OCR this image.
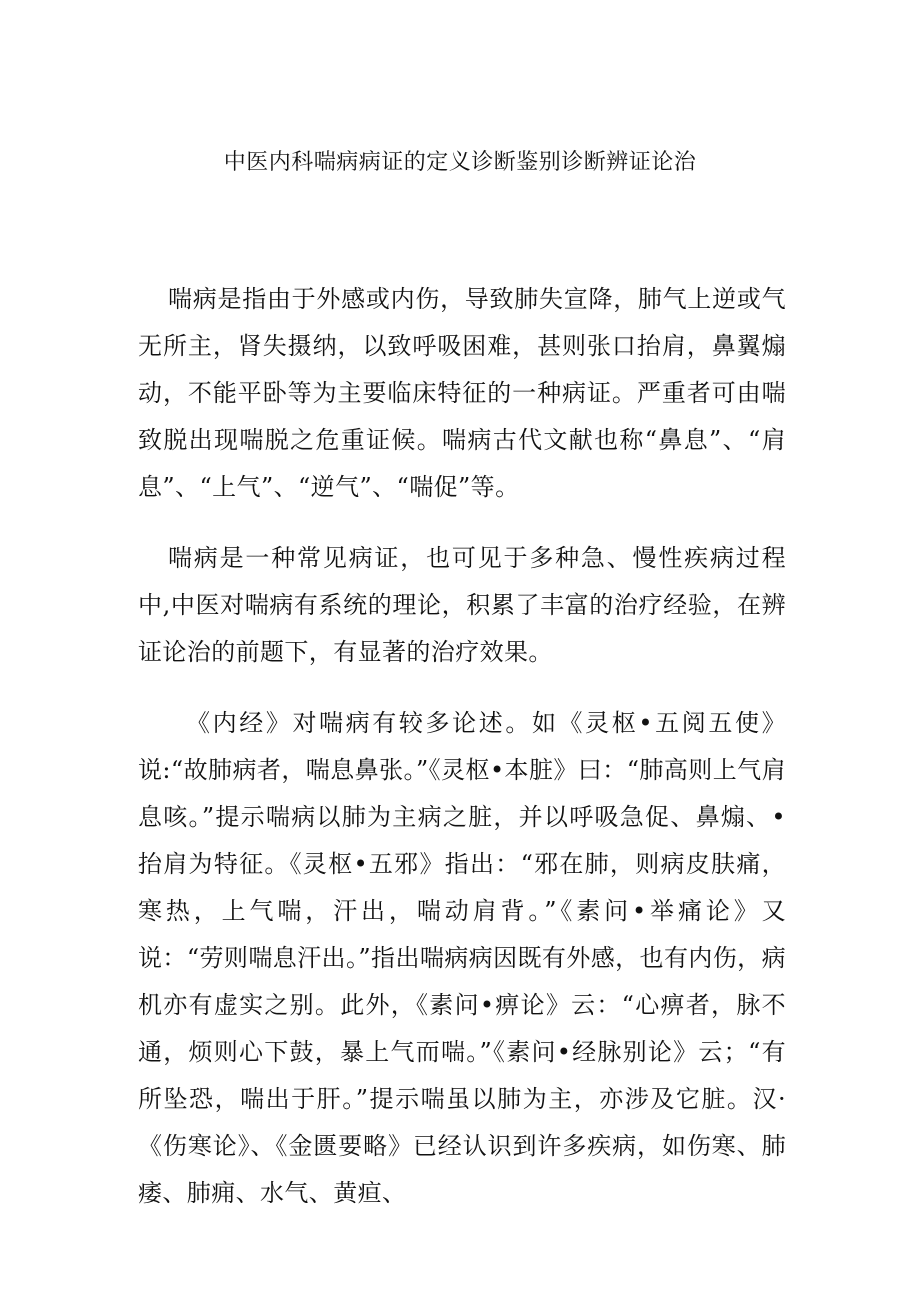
中医内科喘病病证的定义诊断鉴别诊断辨证论治

喘病是指由于外感或内伤，导致肺失宣降，肺气上逆或气无所主，肾失摄纳，以致呼吸困难，甚则张口抬肩，鼻翼煽动，不能平卧等为主要临床特征的一种病证。严重者可由喘致脱出现喘脱之危重证候。喘病古代文献也称“鼻息”、“肩息”、“上气”、“逆气”、“喘促”等。

喘病是一种常见病证，也可见于多种急、慢性疾病过程中,中医对喘病有系统的理论，积累了丰富的治疗经验，在辨证论治的前题下，有显著的治疗效果。

《内经》对喘病有较多论述。如《灵枢•五阅五使》说:“故肺病者，喘息鼻张。”《灵枢•本脏》曰：“肺高则上气肩息咳。”提示喘病以肺为主病之脏，并以呼吸急促、鼻煽、•抬肩为特征。《灵枢•五邪》指出：“邪在肺，则病皮肤痛，寒热，上气喘，汗出，喘动肩背。”《素问•举痛论》又说：“劳则喘息汗出。”指出喘病病因既有外感，也有内伤，病机亦有虚实之别。此外，《素问•痹论》云：“心痹者，脉不通，烦则心下鼓，暴上气而喘。”《素问•经脉别论》云；“有所坠恐，喘出于肝。”提示喘虽以肺为主，亦涉及它脏。汉·《伤寒论》、《金匮要略》已经认识到许多疾病，如伤寒、肺痿、肺痈、水气、黄疸、
